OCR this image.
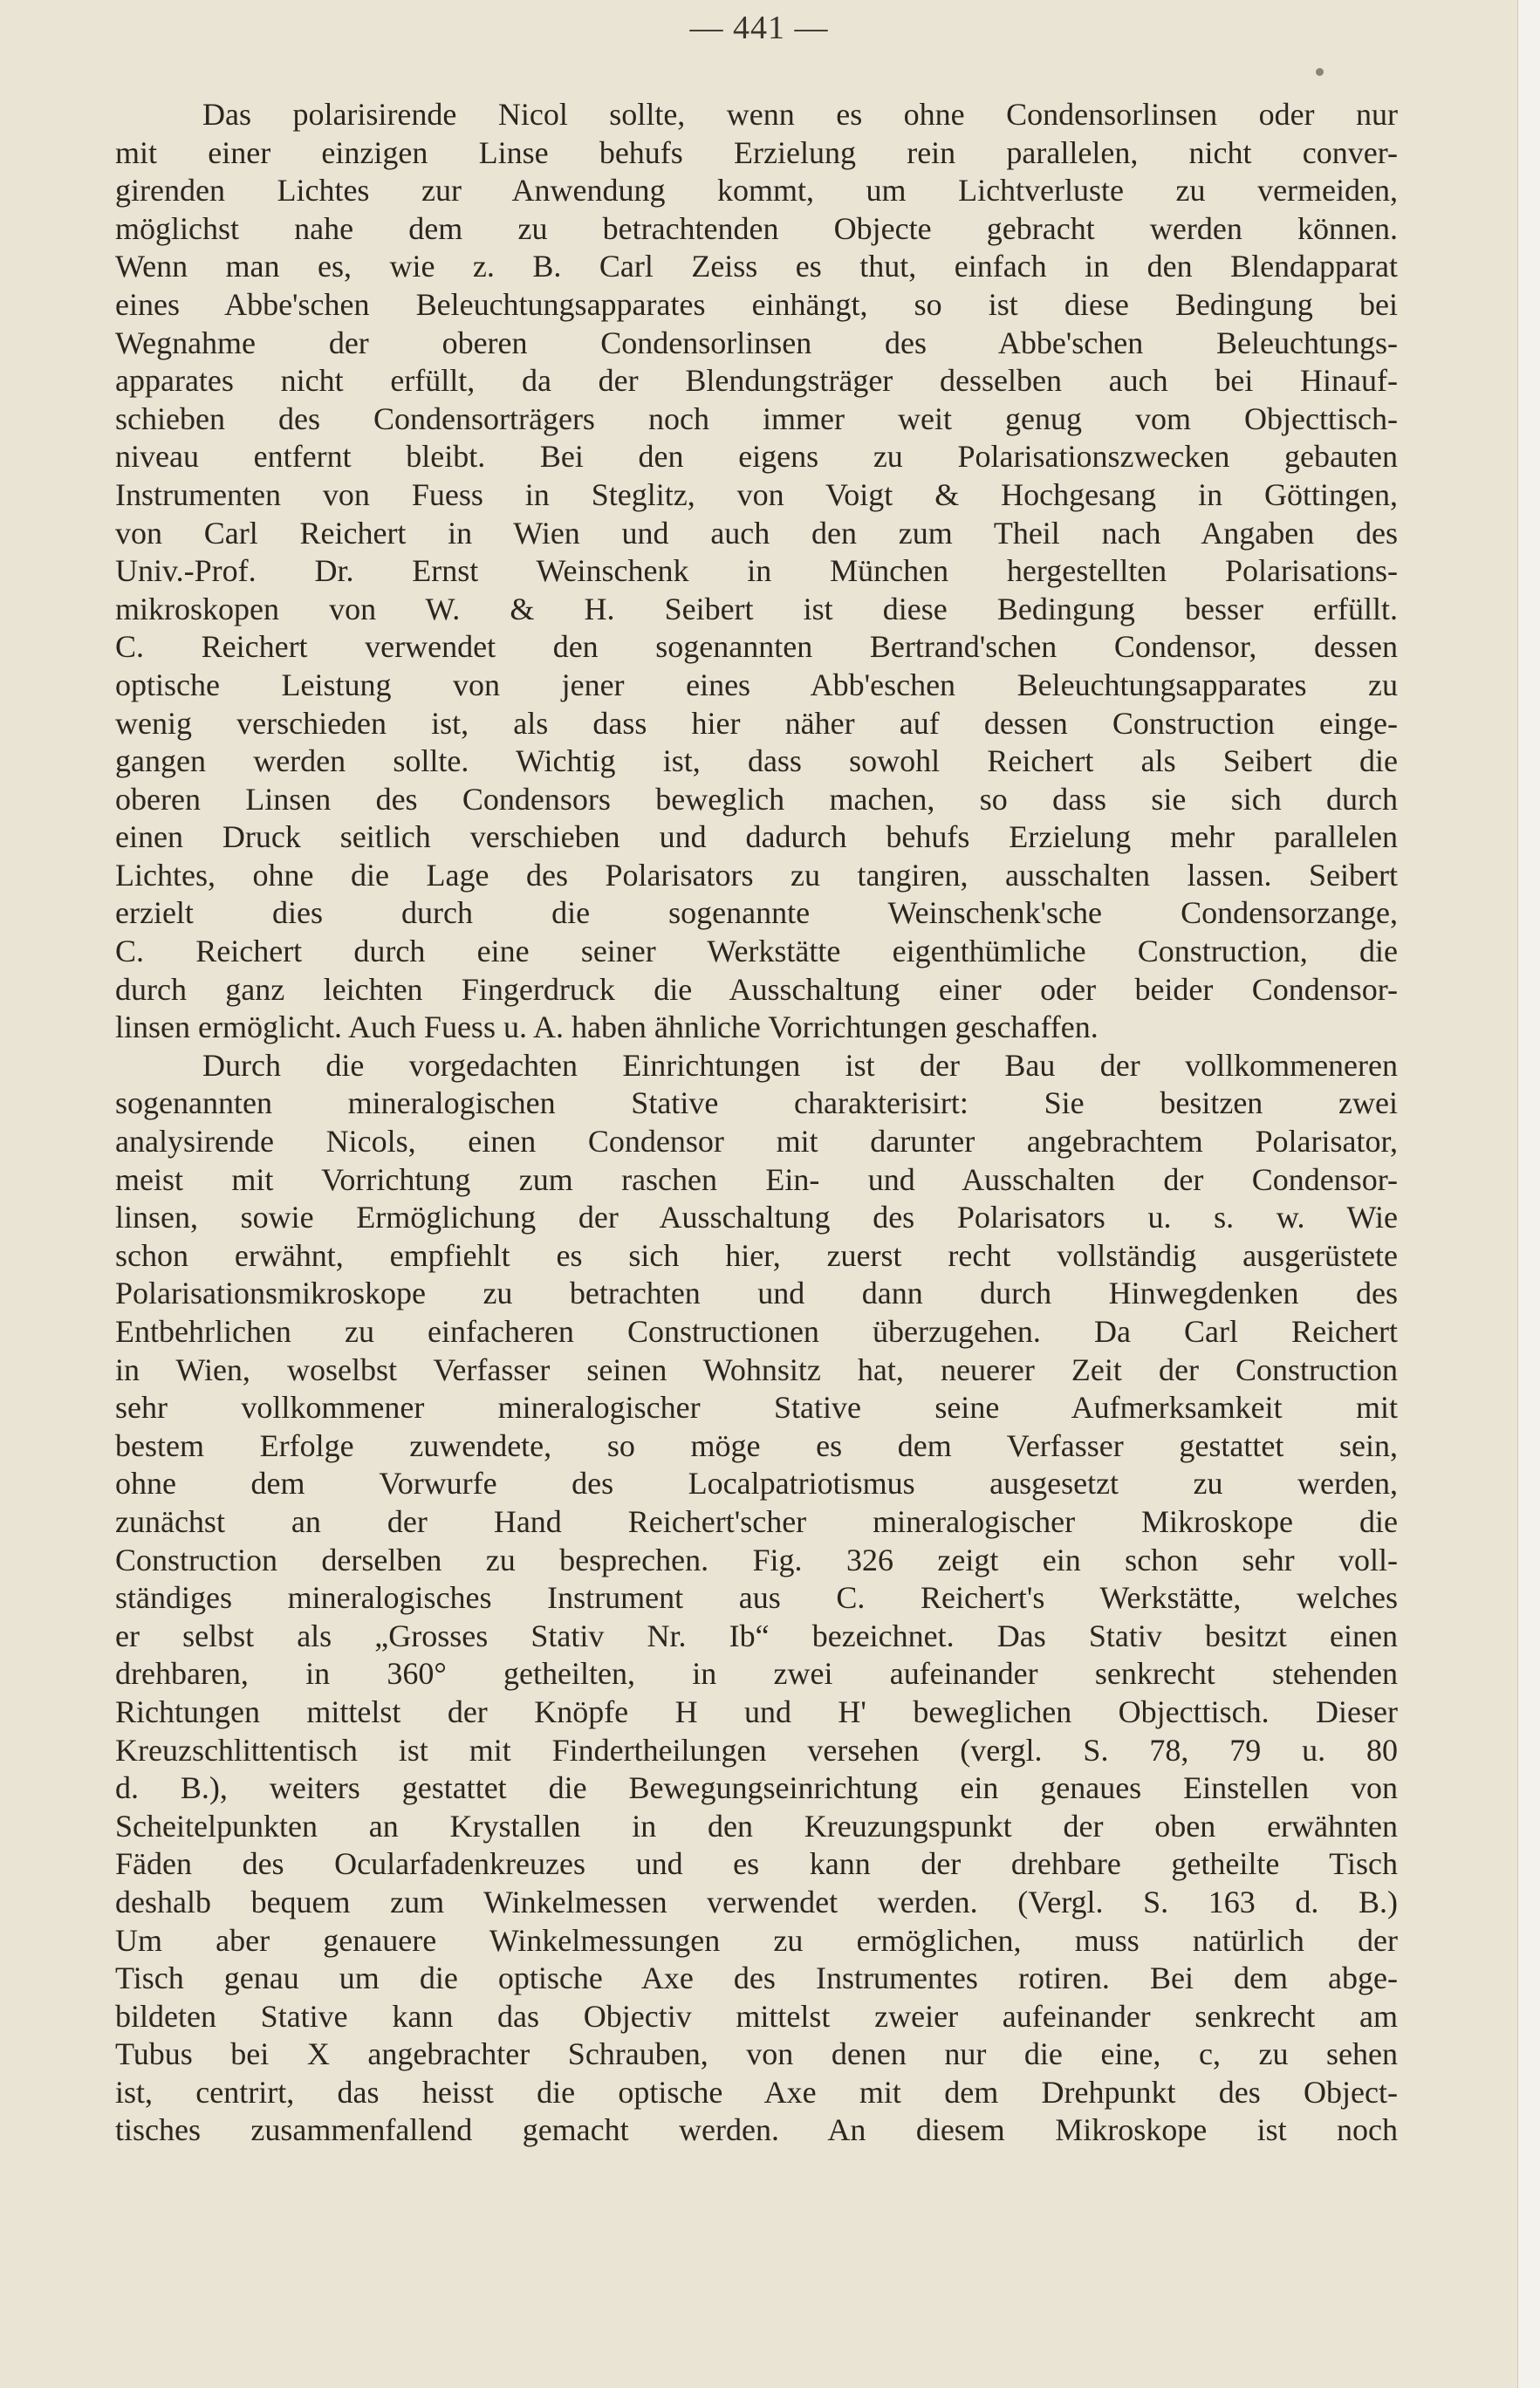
— 441 —
Das polarisirende Nicol sollte, wenn es ohne Condensorlinsen oder nur
mit einer einzigen Linse behufs Erzielung rein parallelen, nicht conver-
girenden Lichtes zur Anwendung kommt, um Lichtverluste zu vermeiden,
möglichst nahe dem zu betrachtenden Objecte gebracht werden können.
Wenn man es, wie z. B. Carl Zeiss es thut, einfach in den Blendapparat
eines Abbe'schen Beleuchtungsapparates einhängt, so ist diese Bedingung bei
Wegnahme der oberen Condensorlinsen des Abbe'schen Beleuchtungs-
apparates nicht erfüllt, da der Blendungsträger desselben auch bei Hinauf-
schieben des Condensorträgers noch immer weit genug vom Objecttisch-
niveau entfernt bleibt. Bei den eigens zu Polarisationszwecken gebauten
Instrumenten von Fuess in Steglitz, von Voigt & Hochgesang in Göttingen,
von Carl Reichert in Wien und auch den zum Theil nach Angaben des
Univ.-Prof. Dr. Ernst Weinschenk in München hergestellten Polarisations-
mikroskopen von W. & H. Seibert ist diese Bedingung besser erfüllt.
C. Reichert verwendet den sogenannten Bertrand'schen Condensor, dessen
optische Leistung von jener eines Abb'eschen Beleuchtungsapparates zu
wenig verschieden ist, als dass hier näher auf dessen Construction einge-
gangen werden sollte. Wichtig ist, dass sowohl Reichert als Seibert die
oberen Linsen des Condensors beweglich machen, so dass sie sich durch
einen Druck seitlich verschieben und dadurch behufs Erzielung mehr parallelen
Lichtes, ohne die Lage des Polarisators zu tangiren, ausschalten lassen. Seibert
erzielt dies durch die sogenannte Weinschenk'sche Condensorzange,
C. Reichert durch eine seiner Werkstätte eigenthümliche Construction, die
durch ganz leichten Fingerdruck die Ausschaltung einer oder beider Condensor-
linsen ermöglicht. Auch Fuess u. A. haben ähnliche Vorrichtungen geschaffen.
Durch die vorgedachten Einrichtungen ist der Bau der vollkommeneren
sogenannten mineralogischen Stative charakterisirt: Sie besitzen zwei
analysirende Nicols, einen Condensor mit darunter angebrachtem Polarisator,
meist mit Vorrichtung zum raschen Ein- und Ausschalten der Condensor-
linsen, sowie Ermöglichung der Ausschaltung des Polarisators u. s. w. Wie
schon erwähnt, empfiehlt es sich hier, zuerst recht vollständig ausgerüstete
Polarisationsmikroskope zu betrachten und dann durch Hinwegdenken des
Entbehrlichen zu einfacheren Constructionen überzugehen. Da Carl Reichert
in Wien, woselbst Verfasser seinen Wohnsitz hat, neuerer Zeit der Construction
sehr vollkommener mineralogischer Stative seine Aufmerksamkeit mit
bestem Erfolge zuwendete, so möge es dem Verfasser gestattet sein,
ohne dem Vorwurfe des Localpatriotismus ausgesetzt zu werden,
zunächst an der Hand Reichert'scher mineralogischer Mikroskope die
Construction derselben zu besprechen. Fig. 326 zeigt ein schon sehr voll-
ständiges mineralogisches Instrument aus C. Reichert's Werkstätte, welches
er selbst als „Grosses Stativ Nr. Ib“ bezeichnet. Das Stativ besitzt einen
drehbaren, in 360° getheilten, in zwei aufeinander senkrecht stehenden
Richtungen mittelst der Knöpfe H und H' beweglichen Objecttisch. Dieser
Kreuzschlittentisch ist mit Findertheilungen versehen (vergl. S. 78, 79 u. 80
d. B.), weiters gestattet die Bewegungseinrichtung ein genaues Einstellen von
Scheitelpunkten an Krystallen in den Kreuzungspunkt der oben erwähnten
Fäden des Ocularfadenkreuzes und es kann der drehbare getheilte Tisch
deshalb bequem zum Winkelmessen verwendet werden. (Vergl. S. 163 d. B.)
Um aber genauere Winkelmessungen zu ermöglichen, muss natürlich der
Tisch genau um die optische Axe des Instrumentes rotiren. Bei dem abge-
bildeten Stative kann das Objectiv mittelst zweier aufeinander senkrecht am
Tubus bei X angebrachter Schrauben, von denen nur die eine, c, zu sehen
ist, centrirt, das heisst die optische Axe mit dem Drehpunkt des Object-
tisches zusammenfallend gemacht werden. An diesem Mikroskope ist noch
